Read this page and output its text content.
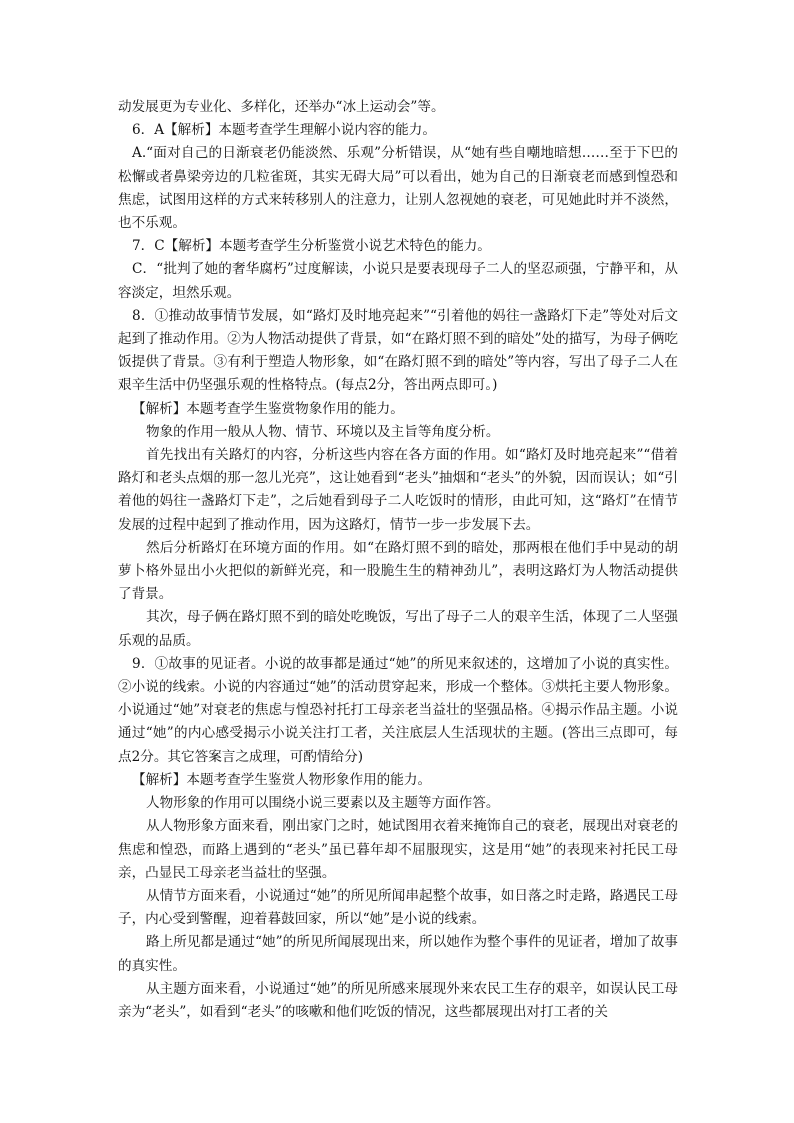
动发展更为专业化、多样化，还举办“冰上运动会”等。

6．A【解析】本题考查学生理解小说内容的能力。

A.“面对自己的日渐衰老仍能淡然、乐观”分析错误，从“她有些自嘲地暗想……至于下巴的松懈或者鼻梁旁边的几粒雀斑，其实无碍大局”可以看出，她为自己的日渐衰老而感到惶恐和焦虑，试图用这样的方式来转移别人的注意力，让别人忽视她的衰老，可见她此时并不淡然，也不乐观。

7．C【解析】本题考查学生分析鉴赏小说艺术特色的能力。

C．“批判了她的奢华腐朽”过度解读，小说只是要表现母子二人的坚忍顽强，宁静平和，从容淡定，坦然乐观。

8．①推动故事情节发展，如“路灯及时地亮起来”“引着他的妈往一盏路灯下走”等处对后文起到了推动作用。②为人物活动提供了背景，如“在路灯照不到的暗处”处的描写，为母子俩吃饭提供了背景。③有利于塑造人物形象，如“在路灯照不到的暗处”等内容，写出了母子二人在艰辛生活中仍坚强乐观的性格特点。(每点2分，答出两点即可。)

【解析】本题考查学生鉴赏物象作用的能力。

物象的作用一般从人物、情节、环境以及主旨等角度分析。

首先找出有关路灯的内容，分析这些内容在各方面的作用。如“路灯及时地亮起来”“借着路灯和老头点烟的那一忽儿光亮”，这让她看到“老头”抽烟和“老头”的外貌，因而误认；如“引着他的妈往一盏路灯下走”，之后她看到母子二人吃饭时的情形，由此可知，这“路灯”在情节发展的过程中起到了推动作用，因为这路灯，情节一步一步发展下去。

然后分析路灯在环境方面的作用。如“在路灯照不到的暗处，那两根在他们手中晃动的胡萝卜格外显出小火把似的新鲜光亮，和一股脆生生的精神劲儿”，表明这路灯为人物活动提供了背景。

其次，母子俩在路灯照不到的暗处吃晚饭，写出了母子二人的艰辛生活，体现了二人坚强乐观的品质。

9．①故事的见证者。小说的故事都是通过“她”的所见来叙述的，这增加了小说的真实性。②小说的线索。小说的内容通过“她”的活动贯穿起来，形成一个整体。③烘托主要人物形象。小说通过“她”对衰老的焦虑与惶恐衬托打工母亲老当益壮的坚强品格。④揭示作品主题。小说通过“她”的内心感受揭示小说关注打工者，关注底层人生活现状的主题。(答出三点即可，每点2分。其它答案言之成理，可酌情给分)

【解析】本题考查学生鉴赏人物形象作用的能力。

人物形象的作用可以围绕小说三要素以及主题等方面作答。

从人物形象方面来看，刚出家门之时，她试图用衣着来掩饰自己的衰老，展现出对衰老的焦虑和惶恐，而路上遇到的“老头”虽已暮年却不屈服现实，这是用“她”的表现来衬托民工母亲，凸显民工母亲老当益壮的坚强。

从情节方面来看，小说通过“她”的所见所闻串起整个故事，如日落之时走路，路遇民工母子，内心受到警醒，迎着暮鼓回家，所以“她”是小说的线索。

路上所见都是通过“她”的所见所闻展现出来，所以她作为整个事件的见证者，增加了故事的真实性。

从主题方面来看，小说通过“她”的所见所感来展现外来农民工生存的艰辛，如误认民工母亲为“老头”，如看到“老头”的咳嗽和他们吃饭的情况，这些都展现出对打工者的关
